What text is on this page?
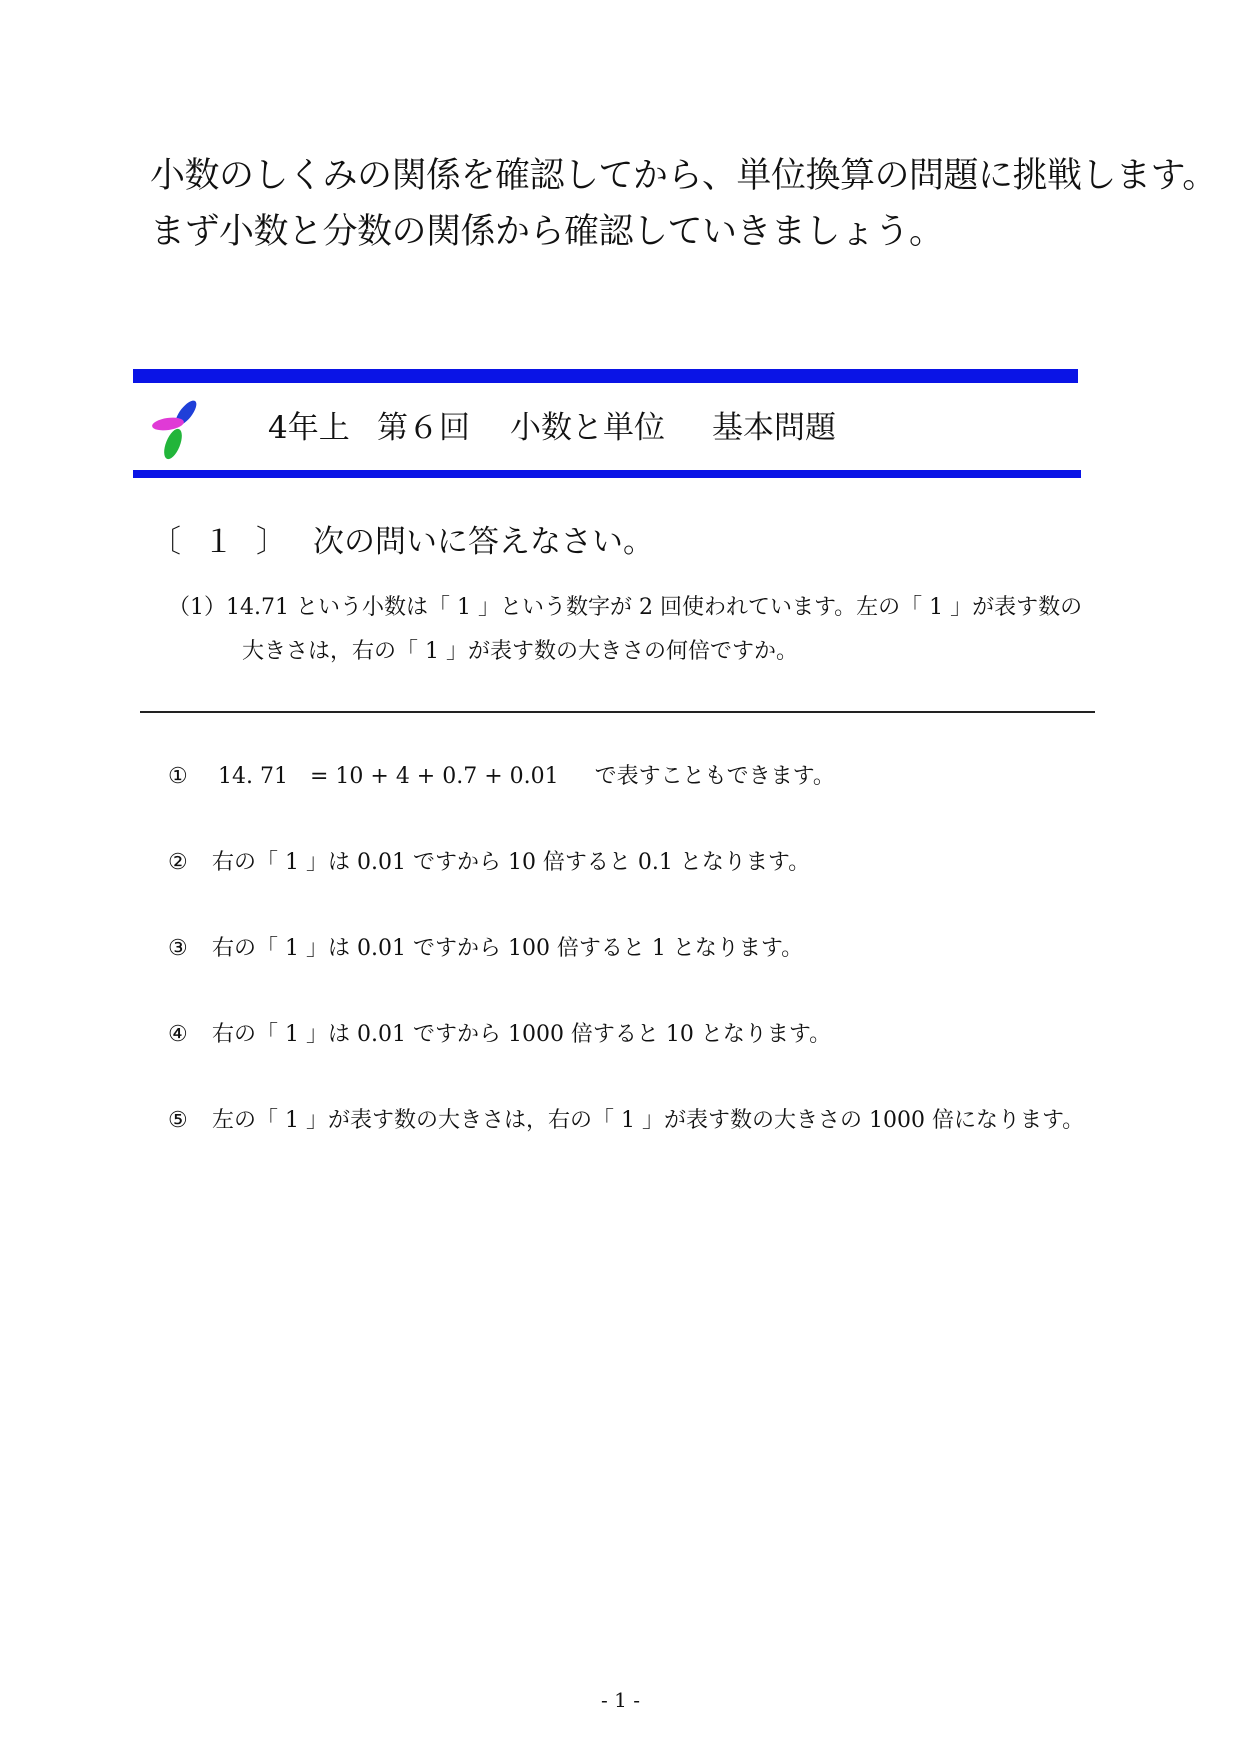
小数のしくみの関係を確認してから、単位換算の問題に挑戦します。
まず小数と分数の関係から確認していきましょう。
4年上 第６回 小数と単位 基本問題
〔 １ 〕 次の問いに答えなさい。
（1）14.71 という小数は「 1 」という数字が 2 回使われています。左の「 1 」が表す数の
大きさは，右の「 1 」が表す数の大きさの何倍ですか。
① 14. 71　= 10 + 4 + 0.7 + 0.01 で表すこともできます。
② 右の「 1 」は 0.01 ですから 10 倍すると 0.1 となります。
③ 右の「 1 」は 0.01 ですから 100 倍すると 1 となります。
④ 右の「 1 」は 0.01 ですから 1000 倍すると 10 となります。
⑤ 左の「 1 」が表す数の大きさは，右の「 1 」が表す数の大きさの 1000 倍になります。
- 1 -
